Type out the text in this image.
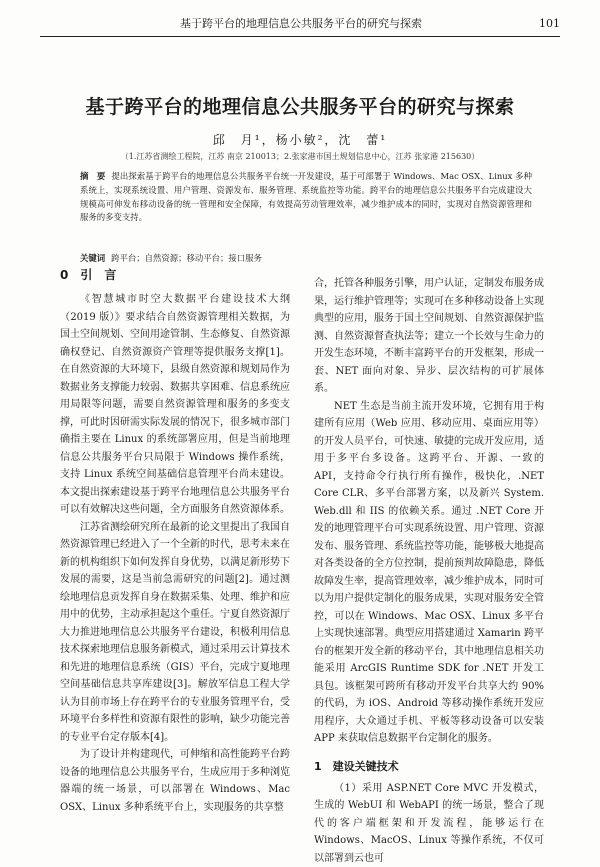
基于跨平台的地理信息公共服务平台的研究与探索	101
基于跨平台的地理信息公共服务平台的研究与探索
邱　月¹，杨小敏²，沈　蕾¹
（1.江苏省测绘工程院，江苏 南京 210013；2.张家港市国土规划信息中心，江苏 张家港 215630）
摘　要 提出探索基于跨平台的地理信息公共服务平台统一开发建设，基于可部署于 Windows、Mac OSX、Linux 多种系统上，实现系统设置、用户管理、资源发布、服务管理、系统监控等功能。跨平台的地理信息公共服务平台完成建设大规模高可伸发布移动设备的统一管理和安全保障，有效提高劳动管理效率，减少维护成本的同时，实现对自然资源管理和服务的多变支持。
关键词 跨平台；自然资源；移动平台；接口服务
0　引　言

《智慧城市时空大数据平台建设技术大纲（2019 版）》要求结合自然资源管理相关数据，为国土空间规划、空间用途管制、生态修复、自然资源确权登记、自然资源资产管理等提供服务支撑[1]。在自然资源的大环境下，县级自然资源和规划局作为数据业务支撑能力较弱、数据共享困难、信息系统应用局限等问题，需要自然资源管理和服务的多变支撑，可此时因研需实际发展的情况下，很多城市部门确指主要在 Linux 的系统部署应用，但是当前地理信息公共服务平台只局限于 Windows 操作系统，支持 Linux 系统空间基础信息管理平台尚未建设。本文提出探索建设基于跨平台地理信息公共服务平台可以有效解决这些问题，全方面服务自然资源体系。

江苏省测绘研究所在最新的论文里提出了我国自然资源管理已经进入了一个全新的时代，思考未来在新的机构组织下如何发挥自身优势，以满足新形势下发展的需要，这是当前急需研究的问题[2]。通过测绘地理信息贡发挥自身在数据采集、处理、维护和应用中的优势，主动承担起这个重任。宁夏自然资源厅大力推进地理信息公共服务平台建设，积极利用信息技术探索地理信息服务新模式，通过采用云计算技术和先进的地理信息系统（GIS）平台，完成宁夏地理空间基础信息共享库建设[3]。解放军信息工程大学认为目前市场上存在跨平台的专业服务管理平台，受环境平台多样性和资源有限性的影响，缺少功能完善的专业平台定存版本[4]。

为了设计并构建现代，可伸缩和高性能跨平台跨设备的地理信息公共服务平台，生成应用于多种浏览器端的统一场景，可以部署在 Windows、Mac OSX、Linux 多种系统平台上，实现服务的共享整

合，托管各种服务引擎，用户认证，定制发布服务成果，运行维护管理等；实现可在多种移动设备上实现典型的应用，服务于国土空间规划、自然资源保护监测、自然资源督查执法等；建立一个长效与生命力的开发生态环境，不断丰富跨平台的开发框架，形成一套、NET 面向对象、异步、层次结构的可扩展体系。

NET 生态是当前主流开发环境，它拥有用于构建所有应用（Web 应用、移动应用、桌面应用等）的开发人员平台，可快速、敏捷的完成开发应用，适用于多平台多设备。这跨平台、开源、一致的 API，支持命令行执行所有操作，极快化，.NET Core CLR、多平台部署方案，以及新兴 System. Web.dll 和 IIS 的依赖关系。通过 .NET Core 开发的地理管理平台可实现系统设置、用户管理、资源发布、服务管理、系统监控等功能，能够极大地提高对各类设备的全方位控制，提前预判故障隐患，降低故障发生率，提高管理效率，减少维护成本，同时可以为用户提供定制化的服务成果，实现对服务安全管控，可以在 Windows、Mac OSX、Linux 多平台上实现快速部署。典型应用搭建通过 Xamarin 跨平台的框架开发全新的移动平台，其中地理信息相关功能采用 ArcGIS Runtime SDK for .NET 开发工具包。该框架可跨所有移动开发平台共享大约 90% 的代码，为 iOS、Android 等移动操作系统开发应用程序，大众通过手机、平板等移动设备可以安装 APP 来获取信息数据平台定制化的服务。

1　建设关键技术

（1）采用 ASP.NET Core MVC 开发模式，生成的 WebUI 和 WebAPI 的统一场景，整合了现代的客户端框架和开发流程，能够运行在 Windows、MacOS、Linux 等操作系统，不仅可以部署到云也可
